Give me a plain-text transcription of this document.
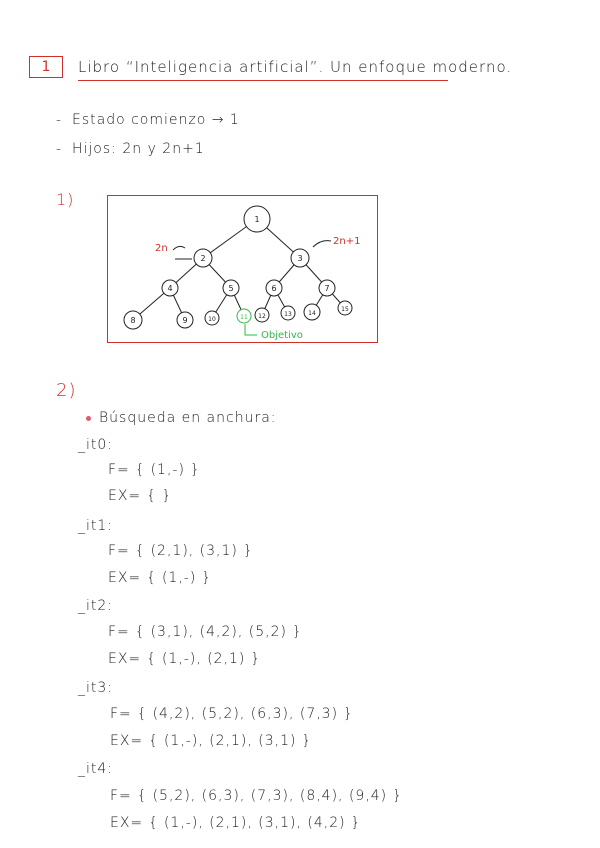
1	Libro “Inteligencia artificial”. Un enfoque moderno.
- Estado comienzo → 1
- Hijos: 2n y 2n+1
1)
1
2	3
4	5	6	7
8	9	10	11 12	13	14
15
2n
2n+1
Objetivo
2)
Búsqueda en anchura:
_it0:
F= { (1,-) }
EX= { }
_it1:
F= { (2,1), (3,1) }
EX= { (1,-) }
_it2:
F= { (3,1), (4,2), (5,2) }
EX= { (1,-), (2,1) }
_it3:
F= { (4,2), (5,2), (6,3), (7,3) }
EX= { (1,-), (2,1), (3,1) }
_it4:
F= { (5,2), (6,3), (7,3), (8,4), (9,4) }
EX= { (1,-), (2,1), (3,1), (4,2) }
